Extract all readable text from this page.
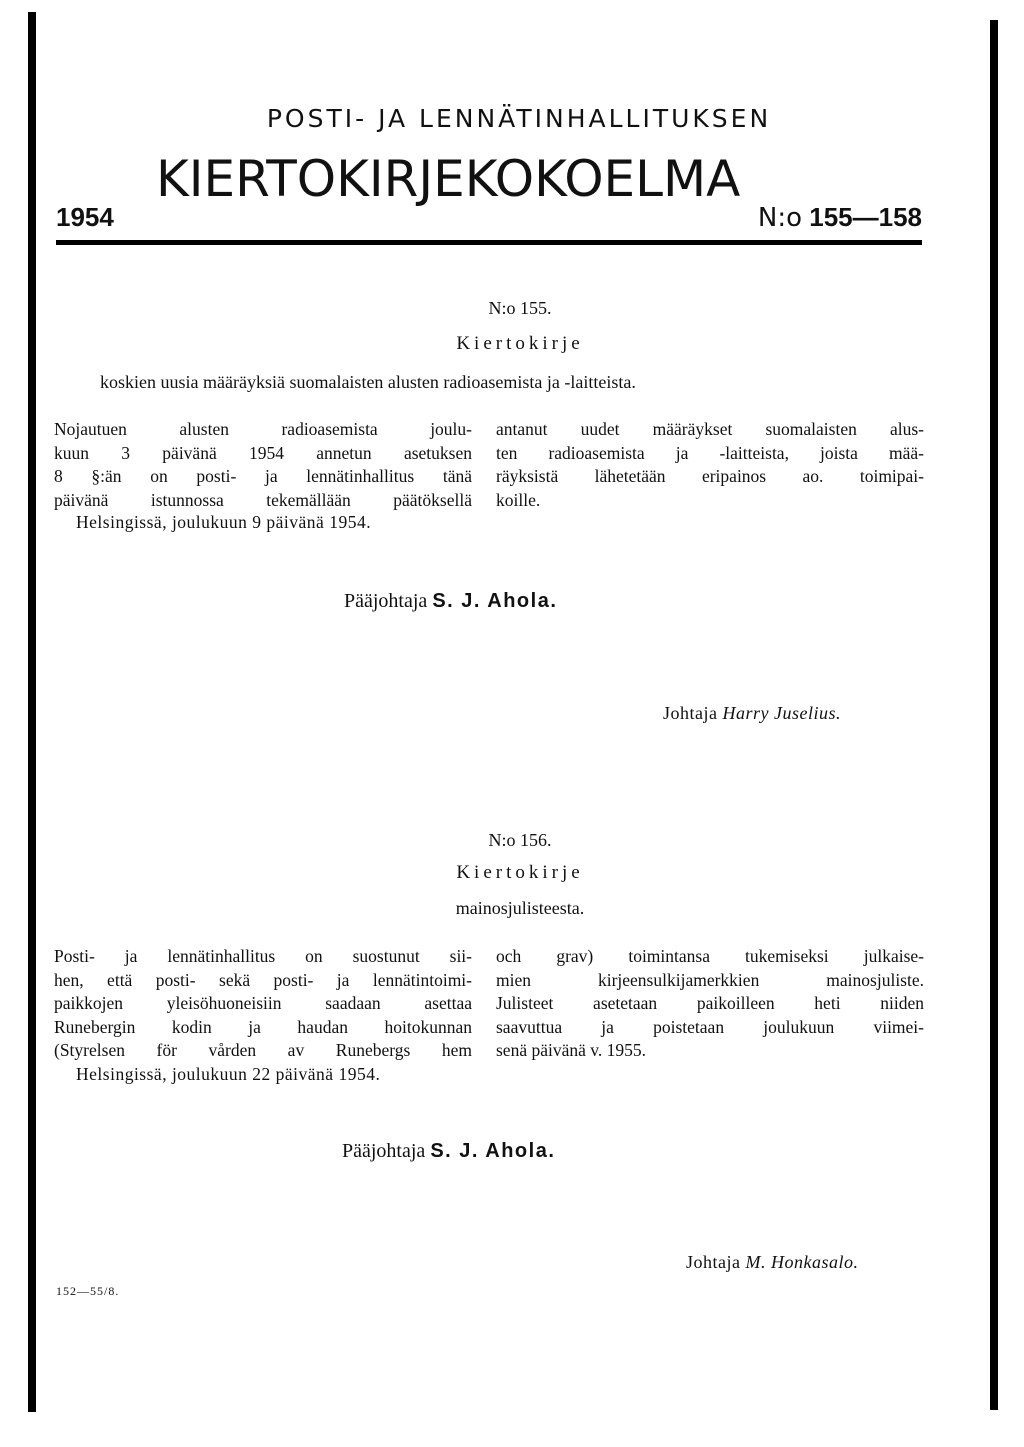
POSTI- JA LENNÄTINHALLITUKSEN
KIERTOKIRJEKOKOELMA
1954	N:o 155—158
N:o 155.
Kiertokirje
koskien uusia määräyksiä suomalaisten alusten radioasemista ja -laitteista.
Nojautuen alusten radioasemista joulu-
kuun 3 päivänä 1954 annetun asetuksen
8 §:än on posti- ja lennätinhallitus tänä
päivänä istunnossa tekemällään päätöksellä
Helsingissä, joulukuun 9 päivänä 1954.
antanut uudet määräykset suomalaisten alus-
ten radioasemista ja -laitteista, joista mää-
räyksistä lähetetään eripainos ao. toimipai-
koille.
Pääjohtaja S. J. Ahola.
Johtaja Harry Juselius.
N:o 156.
Kiertokirje
mainosjulisteesta.
Posti- ja lennätinhallitus on suostunut sii-
hen, että posti- sekä posti- ja lennätintoimi-
paikkojen yleisöhuoneisiin saadaan asettaa
Runebergin kodin ja haudan hoitokunnan
(Styrelsen för vården av Runebergs hem
Helsingissä, joulukuun 22 päivänä 1954.
och grav) toimintansa tukemiseksi julkaise-
mien kirjeensulkijamerkkien mainosjuliste.
Julisteet asetetaan paikoilleen heti niiden
saavuttua ja poistetaan joulukuun viimei-
senä päivänä v. 1955.
Pääjohtaja S. J. Ahola.
Johtaja M. Honkasalo.
152—55/8.
